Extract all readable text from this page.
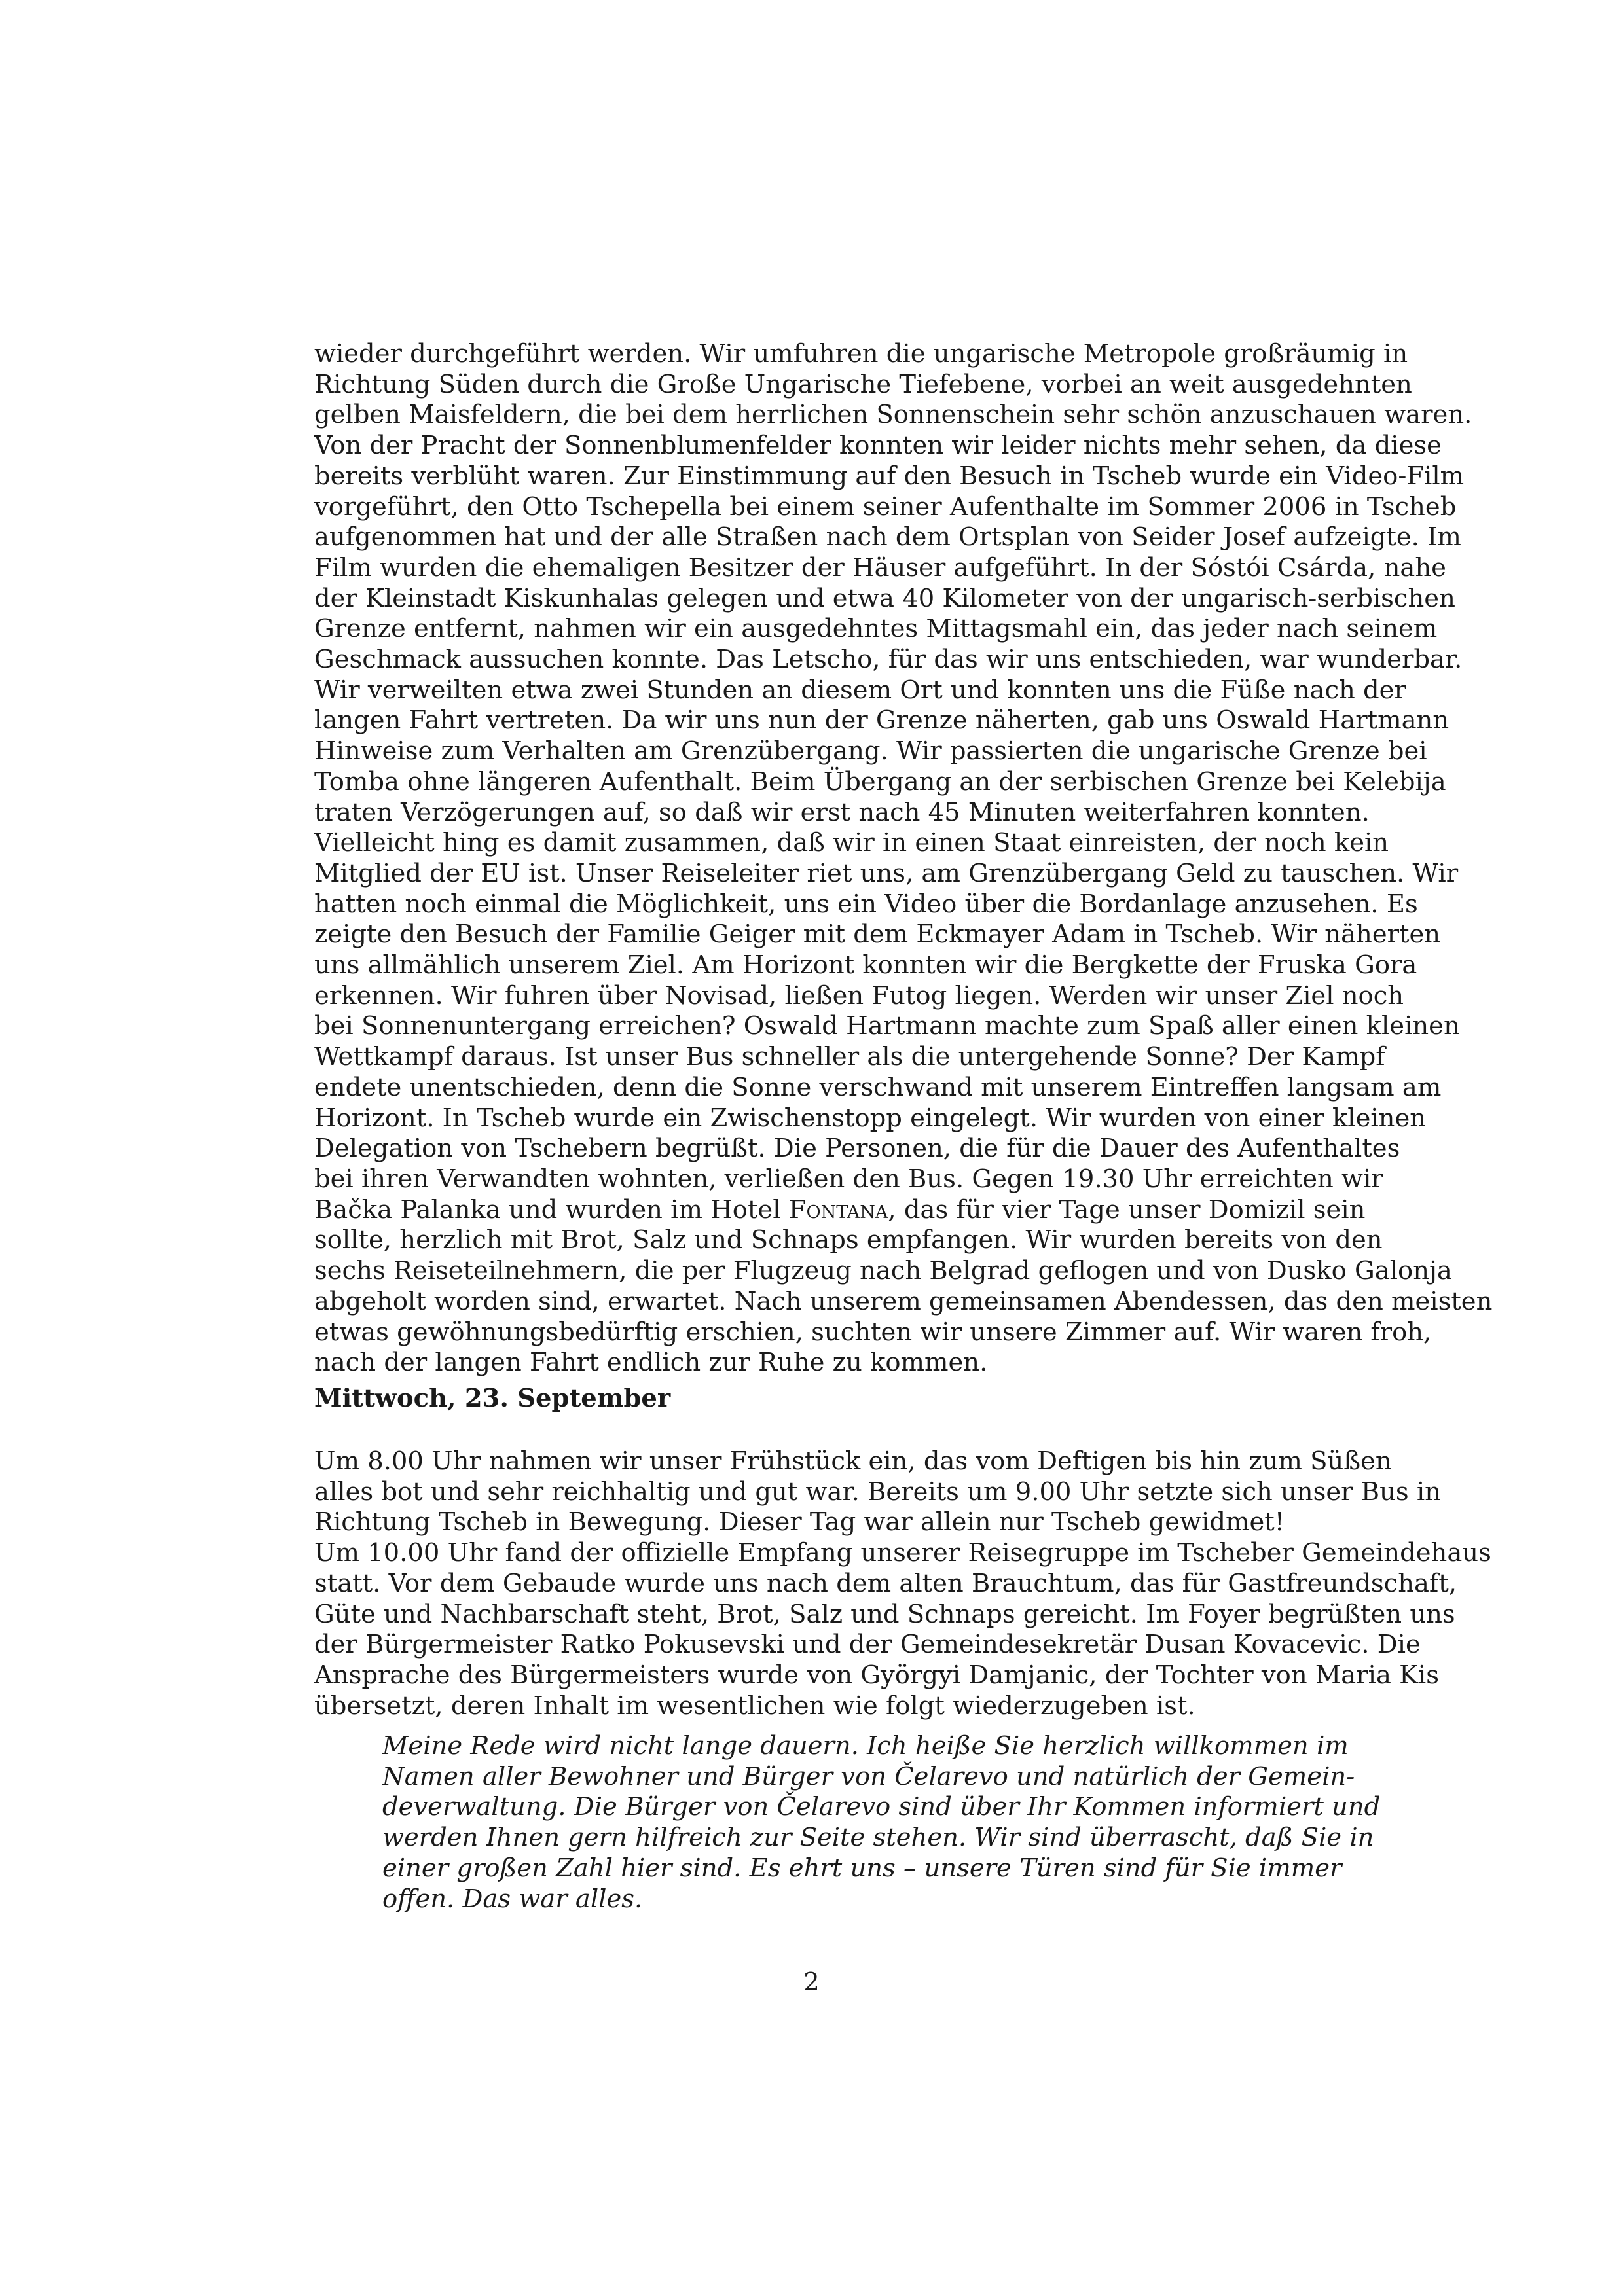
wieder durchgeführt werden. Wir umfuhren die ungarische Metropole großräumig in
Richtung Süden durch die Große Ungarische Tiefebene, vorbei an weit ausgedehnten
gelben Maisfeldern, die bei dem herrlichen Sonnenschein sehr schön anzuschauen waren.
Von der Pracht der Sonnenblumenfelder konnten wir leider nichts mehr sehen, da diese
bereits verblüht waren. Zur Einstimmung auf den Besuch in Tscheb wurde ein Video-Film
vorgeführt, den Otto Tschepella bei einem seiner Aufenthalte im Sommer 2006 in Tscheb
aufgenommen hat und der alle Straßen nach dem Ortsplan von Seider Josef aufzeigte. Im
Film wurden die ehemaligen Besitzer der Häuser aufgeführt. In der Sóstói Csárda, nahe
der Kleinstadt Kiskunhalas gelegen und etwa 40 Kilometer von der ungarisch-serbischen
Grenze entfernt, nahmen wir ein ausgedehntes Mittagsmahl ein, das jeder nach seinem
Geschmack aussuchen konnte. Das Letscho, für das wir uns entschieden, war wunderbar.
Wir verweilten etwa zwei Stunden an diesem Ort und konnten uns die Füße nach der
langen Fahrt vertreten. Da wir uns nun der Grenze näherten, gab uns Oswald Hartmann
Hinweise zum Verhalten am Grenzübergang. Wir passierten die ungarische Grenze bei
Tomba ohne längeren Aufenthalt. Beim Übergang an der serbischen Grenze bei Kelebija
traten Verzögerungen auf, so daß wir erst nach 45 Minuten weiterfahren konnten.
Vielleicht hing es damit zusammen, daß wir in einen Staat einreisten, der noch kein
Mitglied der EU ist. Unser Reiseleiter riet uns, am Grenzübergang Geld zu tauschen. Wir
hatten noch einmal die Möglichkeit, uns ein Video über die Bordanlage anzusehen. Es
zeigte den Besuch der Familie Geiger mit dem Eckmayer Adam in Tscheb. Wir näherten
uns allmählich unserem Ziel. Am Horizont konnten wir die Bergkette der Fruska Gora
erkennen. Wir fuhren über Novisad, ließen Futog liegen. Werden wir unser Ziel noch
bei Sonnenuntergang erreichen? Oswald Hartmann machte zum Spaß aller einen kleinen
Wettkampf daraus. Ist unser Bus schneller als die untergehende Sonne? Der Kampf
endete unentschieden, denn die Sonne verschwand mit unserem Eintreffen langsam am
Horizont. In Tscheb wurde ein Zwischenstopp eingelegt. Wir wurden von einer kleinen
Delegation von Tschebern begrüßt. Die Personen, die für die Dauer des Aufenthaltes
bei ihren Verwandten wohnten, verließen den Bus. Gegen 19.30 Uhr erreichten wir
Bačka Palanka und wurden im Hotel Fontana, das für vier Tage unser Domizil sein
sollte, herzlich mit Brot, Salz und Schnaps empfangen. Wir wurden bereits von den
sechs Reiseteilnehmern, die per Flugzeug nach Belgrad geflogen und von Dusko Galonja
abgeholt worden sind, erwartet. Nach unserem gemeinsamen Abendessen, das den meisten
etwas gewöhnungsbedürftig erschien, suchten wir unsere Zimmer auf. Wir waren froh,
nach der langen Fahrt endlich zur Ruhe zu kommen.
Mittwoch, 23. September
Um 8.00 Uhr nahmen wir unser Frühstück ein, das vom Deftigen bis hin zum Süßen
alles bot und sehr reichhaltig und gut war. Bereits um 9.00 Uhr setzte sich unser Bus in
Richtung Tscheb in Bewegung. Dieser Tag war allein nur Tscheb gewidmet!
Um 10.00 Uhr fand der offizielle Empfang unserer Reisegruppe im Tscheber Gemeindehaus
statt. Vor dem Gebaude wurde uns nach dem alten Brauchtum, das für Gastfreundschaft,
Güte und Nachbarschaft steht, Brot, Salz und Schnaps gereicht. Im Foyer begrüßten uns
der Bürgermeister Ratko Pokusevski und der Gemeindesekretär Dusan Kovacevic. Die
Ansprache des Bürgermeisters wurde von Györgyi Damjanic, der Tochter von Maria Kis
übersetzt, deren Inhalt im wesentlichen wie folgt wiederzugeben ist.
Meine Rede wird nicht lange dauern. Ich heiße Sie herzlich willkommen im
Namen aller Bewohner und Bürger von Čelarevo und natürlich der Gemein-
deverwaltung. Die Bürger von Čelarevo sind über Ihr Kommen informiert und
werden Ihnen gern hilfreich zur Seite stehen. Wir sind überrascht, daß Sie in
einer großen Zahl hier sind. Es ehrt uns – unsere Türen sind für Sie immer
offen. Das war alles.
2
